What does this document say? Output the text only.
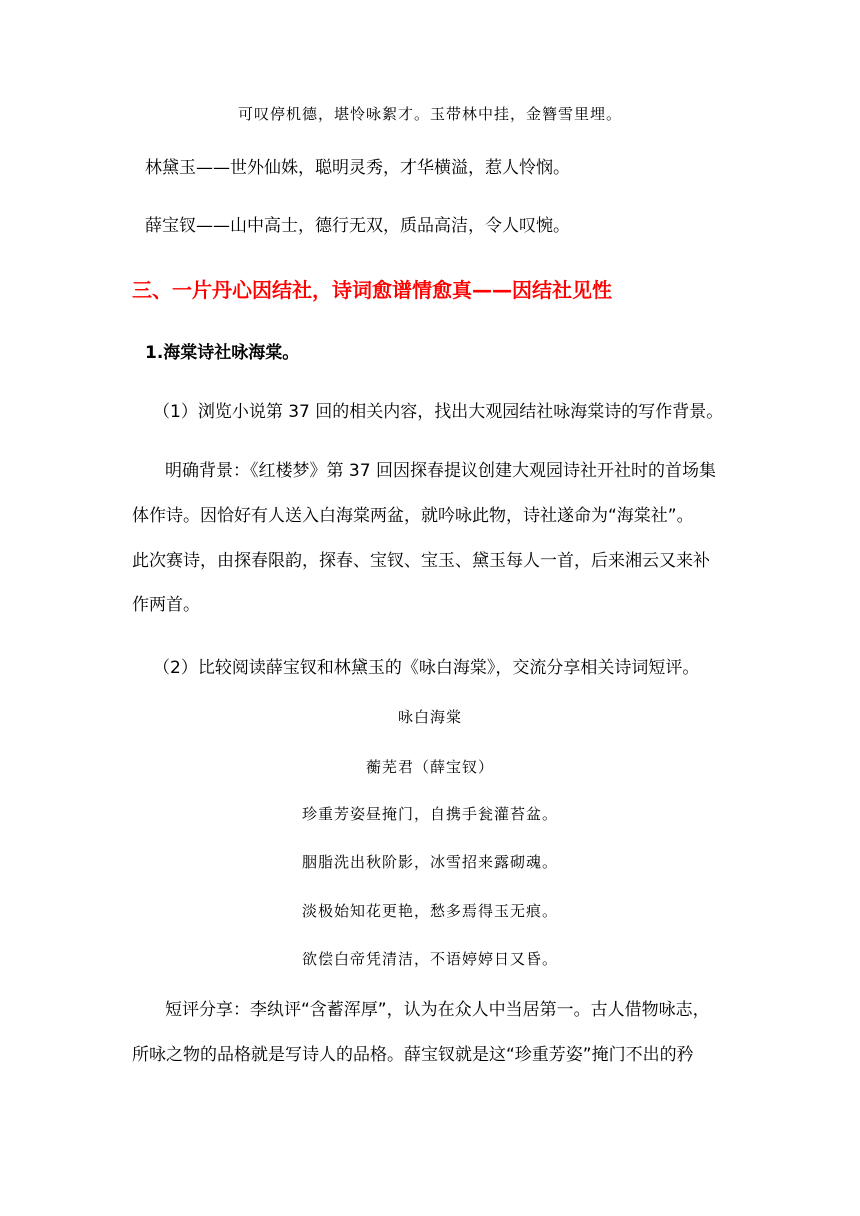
可叹停机德，堪怜咏絮才。玉带林中挂，金簪雪里埋。
林黛玉——世外仙姝，聪明灵秀，才华横溢，惹人怜悯。
薛宝钗——山中高士，德行无双，质品高洁，令人叹惋。
三、一片丹心因结社，诗词愈谱情愈真——因结社见性
1.海棠诗社咏海棠。
（1）浏览小说第 37 回的相关内容，找出大观园结社咏海棠诗的写作背景。
明确背景：《红楼梦》第 37 回因探春提议创建大观园诗社开社时的首场集
体作诗。因恰好有人送入白海棠两盆，就吟咏此物，诗社遂命为“海棠社”。
此次赛诗，由探春限韵，探春、宝钗、宝玉、黛玉每人一首，后来湘云又来补
作两首。
（2）比较阅读薛宝钗和林黛玉的《咏白海棠》，交流分享相关诗词短评。
咏白海棠
蘅芜君（薛宝钗）
珍重芳姿昼掩门，自携手瓮灌苔盆。
胭脂洗出秋阶影，冰雪招来露砌魂。
淡极始知花更艳，愁多焉得玉无痕。
欲偿白帝凭清洁，不语婷婷日又昏。
短评分享：李纨评“含蓄浑厚”，认为在众人中当居第一。古人借物咏志，
所咏之物的品格就是写诗人的品格。薛宝钗就是这“珍重芳姿”掩门不出的矜
